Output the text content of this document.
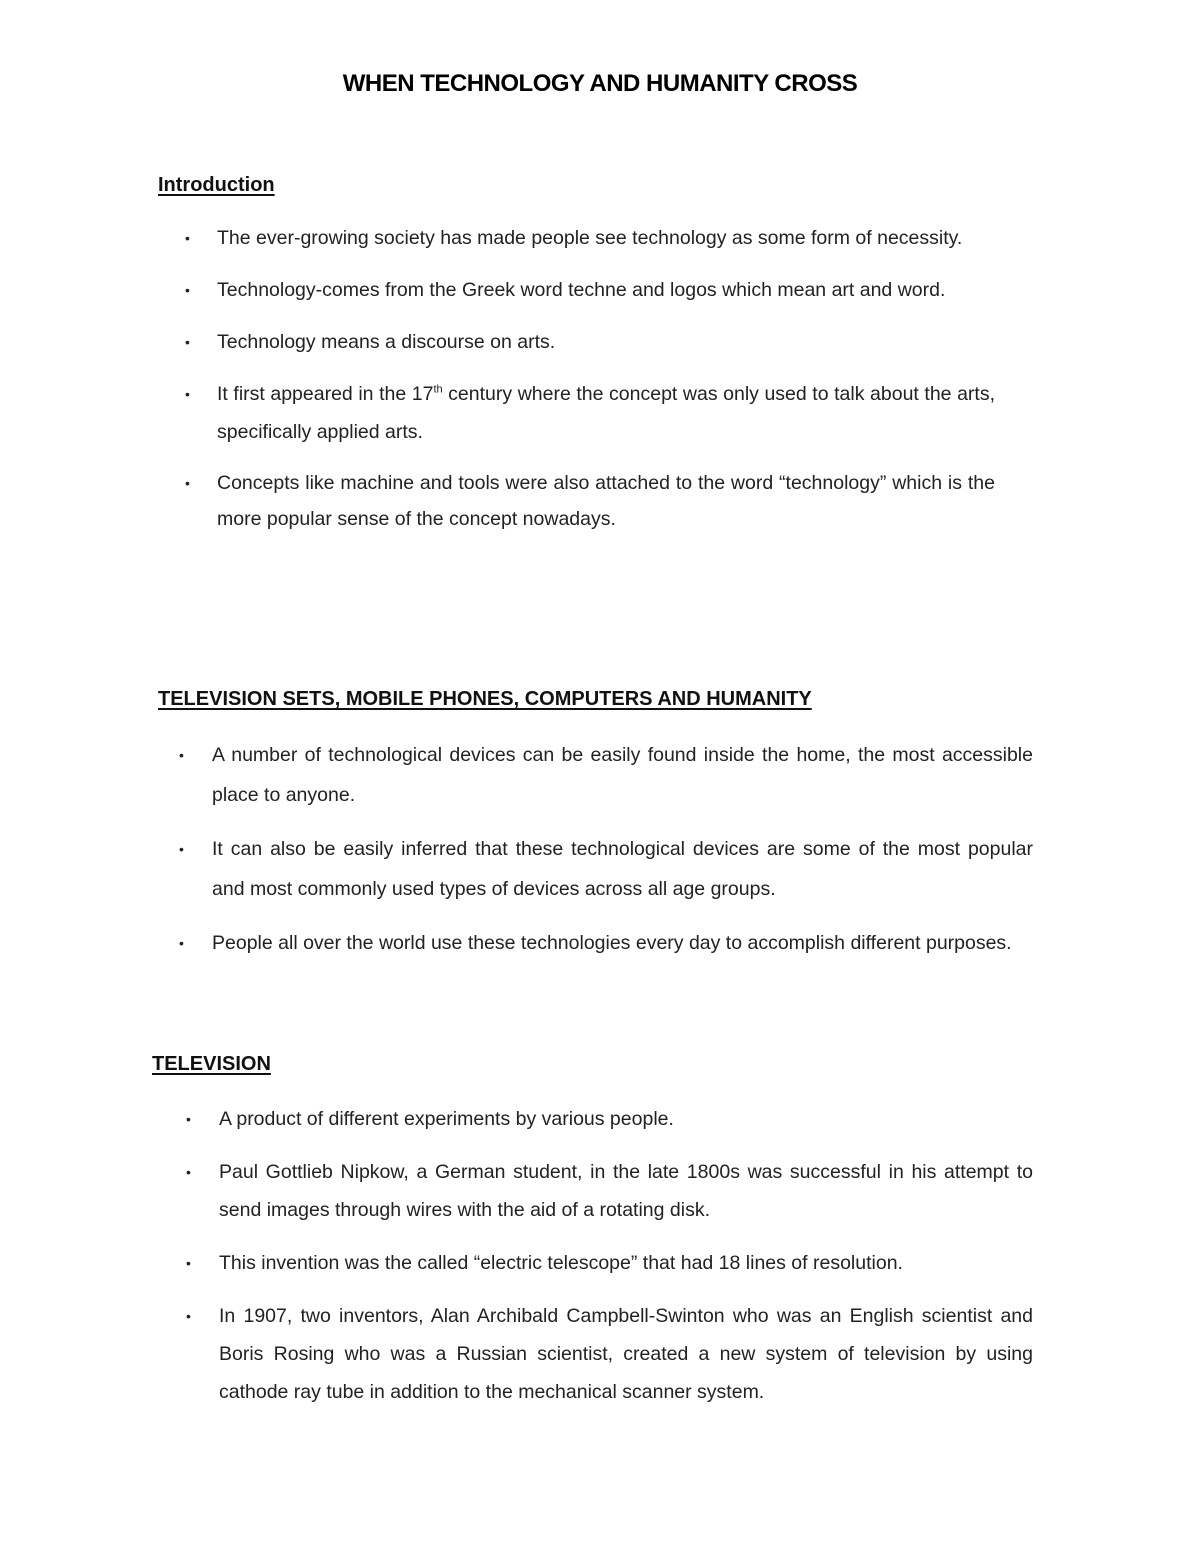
WHEN TECHNOLOGY AND HUMANITY CROSS
Introduction
• The ever-growing society has made people see technology as some form of necessity.
• Technology-comes from the Greek word techne and logos which mean art and word.
• Technology means a discourse on arts.
• It first appeared in the 17th century where the concept was only used to talk about the arts, specifically applied arts.
• Concepts like machine and tools were also attached to the word “technology” which is the more popular sense of the concept nowadays.
TELEVISION SETS, MOBILE PHONES, COMPUTERS AND HUMANITY
• A number of technological devices can be easily found inside the home, the most accessible place to anyone.
• It can also be easily inferred that these technological devices are some of the most popular and most commonly used types of devices across all age groups.
• People all over the world use these technologies every day to accomplish different purposes.
TELEVISION
• A product of different experiments by various people.
• Paul Gottlieb Nipkow, a German student, in the late 1800s was successful in his attempt to send images through wires with the aid of a rotating disk.
• This invention was the called “electric telescope” that had 18 lines of resolution.
• In 1907, two inventors, Alan Archibald Campbell-Swinton who was an English scientist and Boris Rosing who was a Russian scientist, created a new system of television by using cathode ray tube in addition to the mechanical scanner system.
